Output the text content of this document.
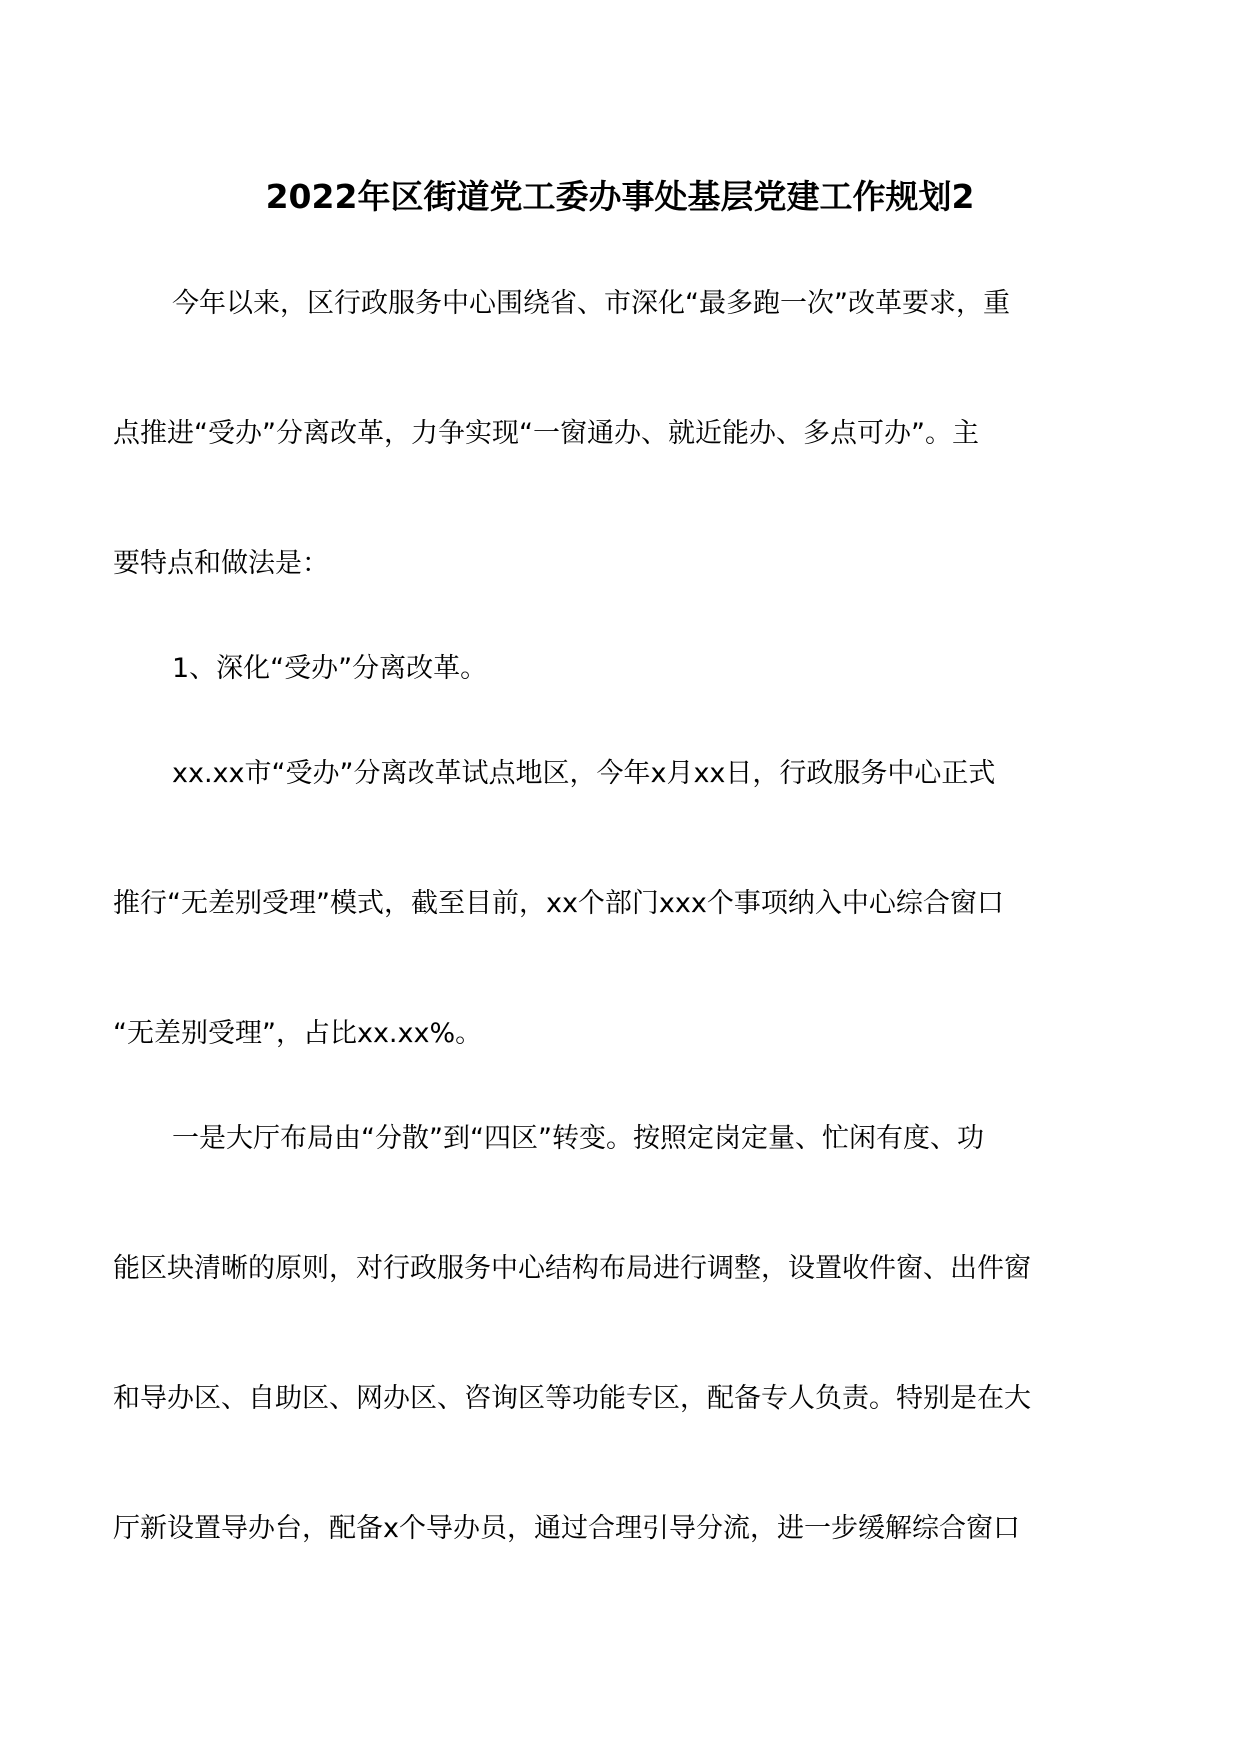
2022年区街道党工委办事处基层党建工作规划2
今年以来，区行政服务中心围绕省、市深化“最多跑一次”改革要求，重
点推进“受办”分离改革，力争实现“一窗通办、就近能办、多点可办”。主
要特点和做法是：
1、深化“受办”分离改革。
xx.xx市“受办”分离改革试点地区，今年x月xx日，行政服务中心正式
推行“无差别受理”模式，截至目前，xx个部门xxx个事项纳入中心综合窗口
“无差别受理”，占比xx.xx%。
一是大厅布局由“分散”到“四区”转变。按照定岗定量、忙闲有度、功
能区块清晰的原则，对行政服务中心结构布局进行调整，设置收件窗、出件窗
和导办区、自助区、网办区、咨询区等功能专区，配备专人负责。特别是在大
厅新设置导办台，配备x个导办员，通过合理引导分流，进一步缓解综合窗口
